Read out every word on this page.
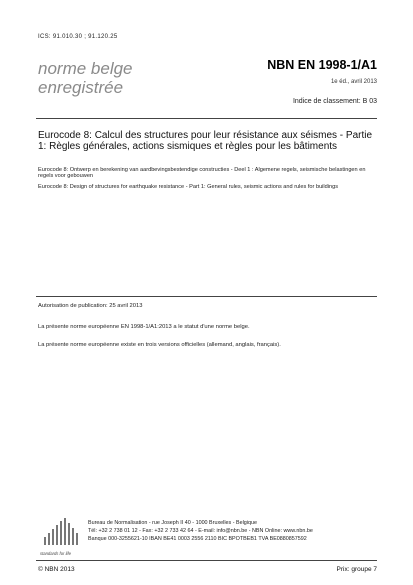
ICS: 91.010.30 ; 91.120.25
norme belge
enregistrée
NBN EN 1998-1/A1
1e éd., avril 2013
Indice de classement: B 03
Eurocode 8: Calcul des structures pour leur résistance aux séismes - Partie 1: Règles générales, actions sismiques et règles pour les bâtiments
Eurocode 8: Ontwerp en berekening van aardbevingsbestendige constructies - Deel 1 : Algemene regels, seismische belastingen en regels voor gebouwen
Eurocode 8: Design of structures for earthquake resistance - Part 1: General rules, seismic actions and rules for buildings
Autorisation de publication: 25 avril 2013
La présente norme européenne EN 1998-1/A1:2013 a le statut d'une norme belge.
La présente norme européenne existe en trois versions officielles (allemand, anglais, français).
standards for life
Bureau de Normalisation - rue Joseph II 40 - 1000 Bruxelles - Belgique
Tél: +32 2 738 01 12 - Fax: +32 2 733 42 64 - E-mail: info@nbn.be - NBN Online: www.nbn.be
Banque 000-3255621-10 IBAN BE41 0003 2556 2110 BIC BPOTBEB1 TVA BE0880857592
© NBN 2013	Prix: groupe 7
